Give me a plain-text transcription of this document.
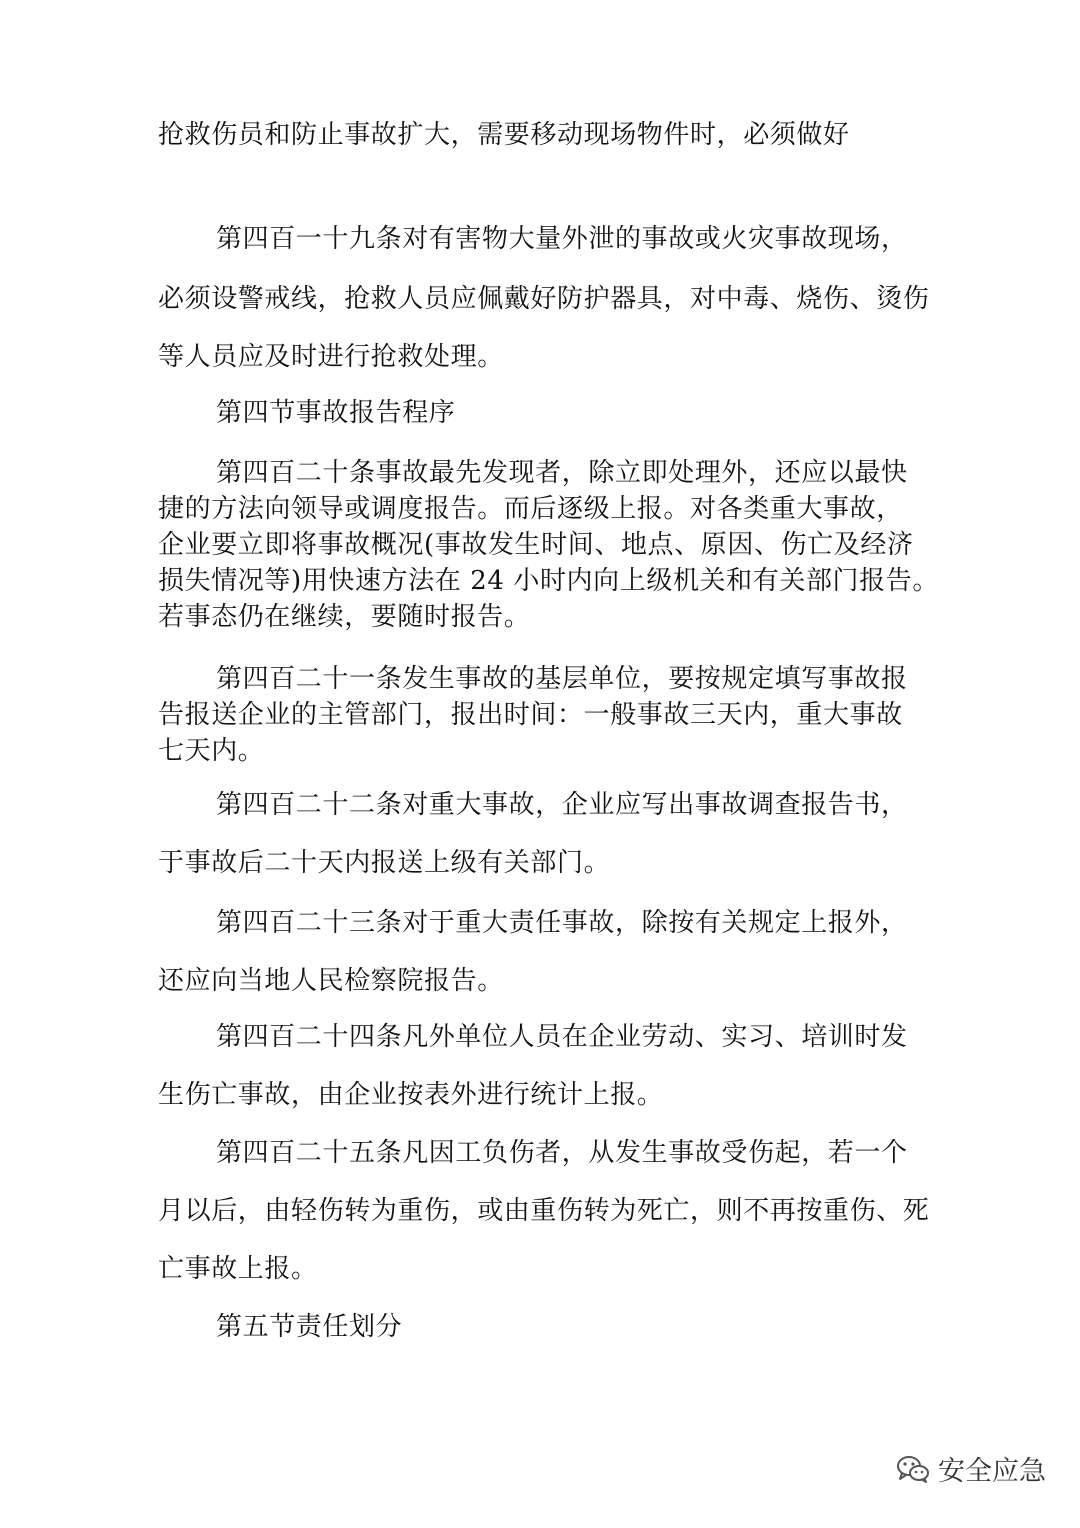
抢救伤员和防止事故扩大，需要移动现场物件时，必须做好
第四百一十九条对有害物大量外泄的事故或火灾事故现场，
必须设警戒线，抢救人员应佩戴好防护器具，对中毒、烧伤、烫伤
等人员应及时进行抢救处理。
第四节事故报告程序
第四百二十条事故最先发现者，除立即处理外，还应以最快
捷的方法向领导或调度报告。而后逐级上报。对各类重大事故，
企业要立即将事故概况(事故发生时间、地点、原因、伤亡及经济
损失情况等)用快速方法在 24 小时内向上级机关和有关部门报告。
若事态仍在继续，要随时报告。
第四百二十一条发生事故的基层单位，要按规定填写事故报
告报送企业的主管部门，报出时间：一般事故三天内，重大事故
七天内。
第四百二十二条对重大事故，企业应写出事故调查报告书，
于事故后二十天内报送上级有关部门。
第四百二十三条对于重大责任事故，除按有关规定上报外，
还应向当地人民检察院报告。
第四百二十四条凡外单位人员在企业劳动、实习、培训时发
生伤亡事故，由企业按表外进行统计上报。
第四百二十五条凡因工负伤者，从发生事故受伤起，若一个
月以后，由轻伤转为重伤，或由重伤转为死亡，则不再按重伤、死
亡事故上报。
第五节责任划分
安全应急
